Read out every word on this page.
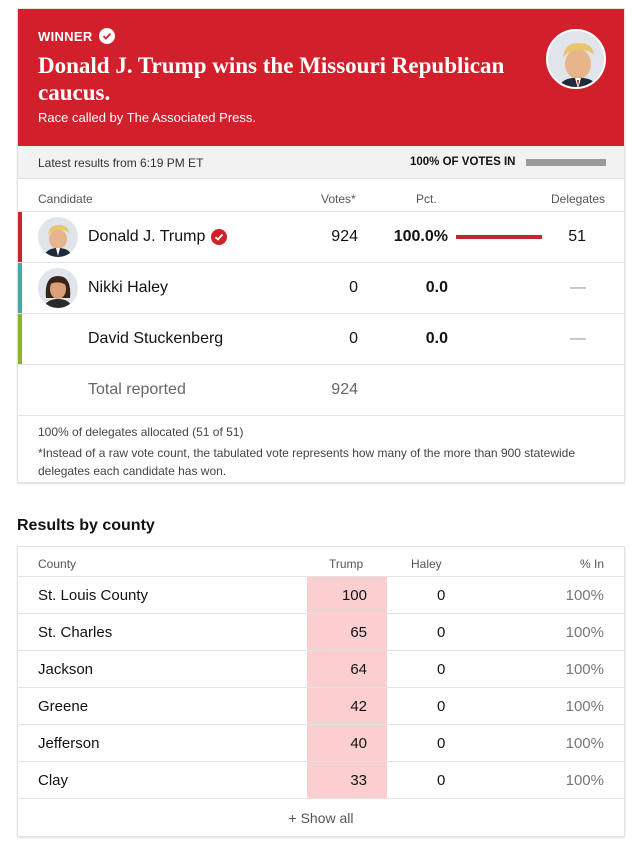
WINNER
Donald J. Trump wins the Missouri Republican caucus.
Race called by The Associated Press.
Latest results from 6:19 PM ET	100% OF VOTES IN
Candidate	Votes*	Pct.	Delegates
Donald J. Trump	924 100.0%	51
Nikki Haley	0	0.0	—
David Stuckenberg	0	0.0	—
Total reported	924

100% of delegates allocated (51 of 51)

*Instead of a raw vote count, the tabulated vote represents how many of the more than 900 statewide delegates each candidate has won.

Results by county
County	Trump	Haley	% In
St. Louis County	100	0	100%
St. Charles	65	0	100%
Jackson	64	0	100%
Greene	42	0	100%
Jefferson	40	0	100%
Clay	33	0	100%
+ Show all
